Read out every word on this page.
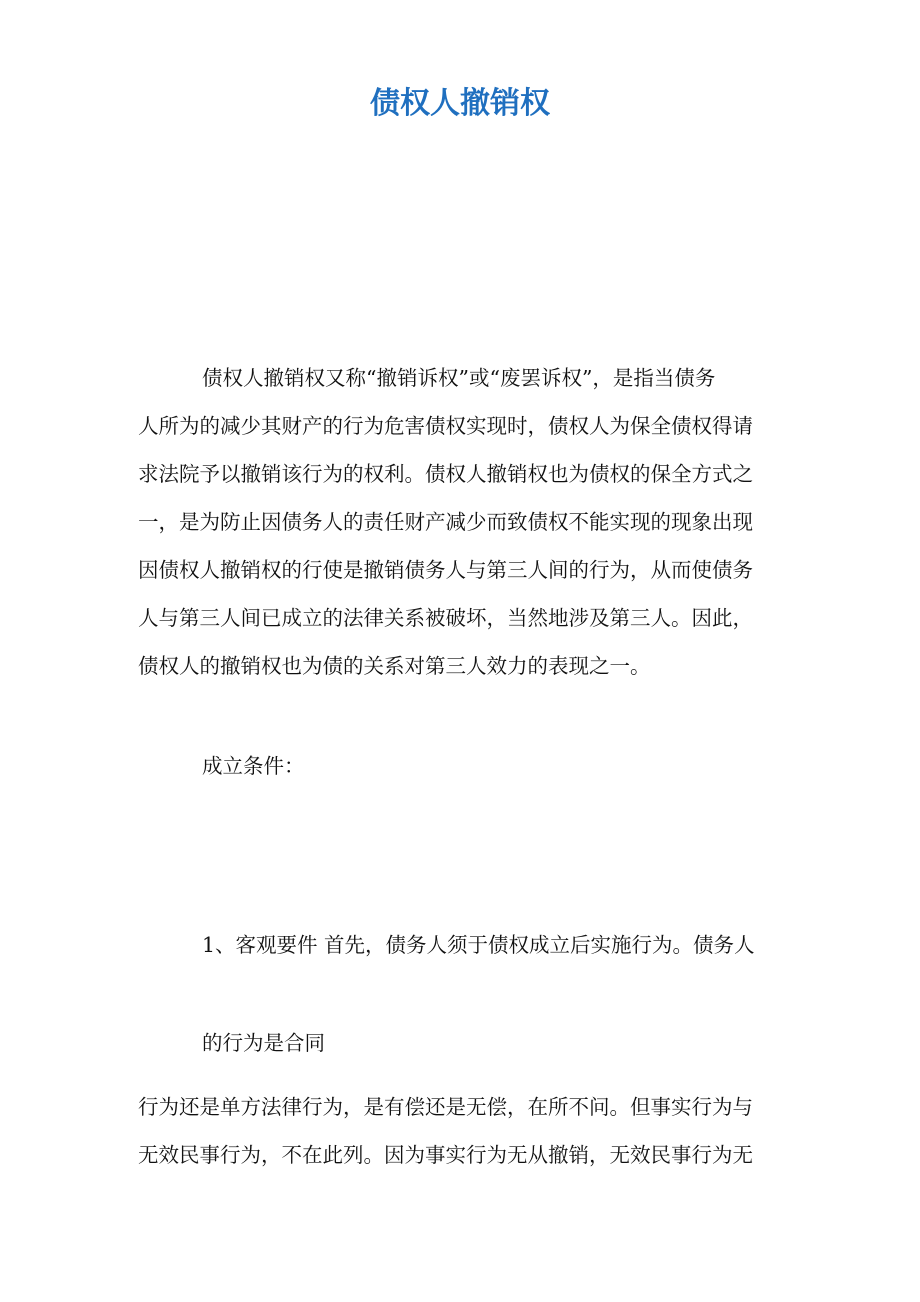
债权人撤销权

债权人撤销权又称“撤销诉权”或“废罢诉权”，是指当债务

人所为的减少其财产的行为危害债权实现时，债权人为保全债权得请

求法院予以撤销该行为的权利。债权人撤销权也为债权的保全方式之

一，是为防止因债务人的责任财产减少而致债权不能实现的现象出现

因债权人撤销权的行使是撤销债务人与第三人间的行为，从而使债务

人与第三人间已成立的法律关系被破坏，当然地涉及第三人。因此，

债权人的撤销权也为债的关系对第三人效力的表现之一。

成立条件：

1、客观要件 首先，债务人须于债权成立后实施行为。债务人

的行为是合同

行为还是单方法律行为，是有偿还是无偿，在所不问。但事实行为与

无效民事行为，不在此列。因为事实行为无从撤销，无效民事行为无
